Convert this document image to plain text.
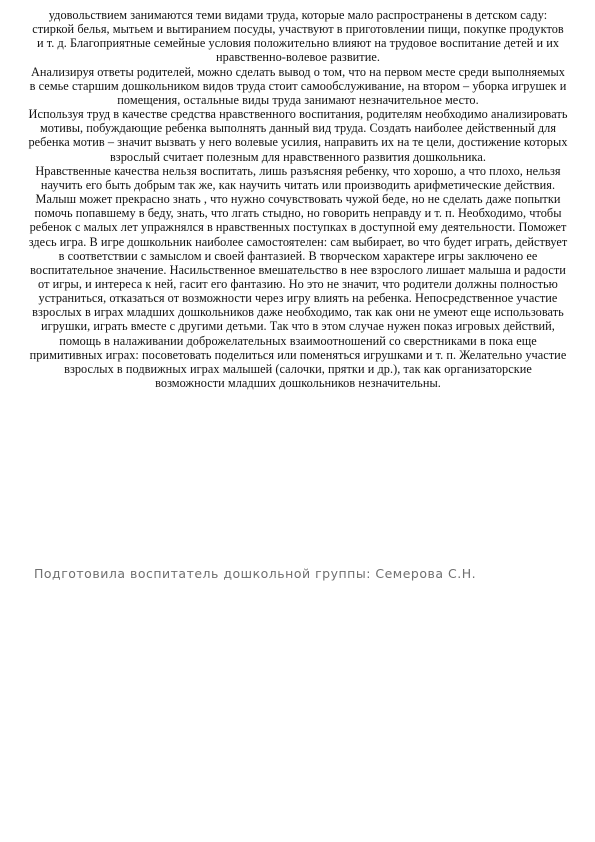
удовольствием занимаются теми видами труда, которые мало распространены в детском саду: стиркой белья, мытьем и вытиранием посуды, участвуют в приготовлении пищи, покупке продуктов и т. д. Благоприятные семейные условия положительно влияют на трудовое воспитание детей и их нравственно-волевое развитие.

Анализируя ответы родителей, можно сделать вывод о том, что на первом месте среди выполняемых в семье старшим дошкольником видов труда стоит самообслуживание, на втором – уборка игрушек и помещения, остальные виды труда занимают незначительное место.

Используя труд в качестве средства нравственного воспитания, родителям необходимо анализировать мотивы, побуждающие ребенка выполнять данный вид труда. Создать наиболее действенный для ребенка мотив – значит вызвать у него волевые усилия, направить их на те цели, достижение которых взрослый считает полезным для нравственного развития дошкольника.

Нравственные качества нельзя воспитать, лишь разъясняя ребенку, что хорошо, а что плохо, нельзя научить его быть добрым так же, как научить читать или производить арифметические действия. Малыш может прекрасно знать , что нужно сочувствовать чужой беде, но не сделать даже попытки помочь попавшему в беду, знать, что лгать стыдно, но говорить неправду и т. п. Необходимо, чтобы ребенок с малых лет упражнялся в нравственных поступках в доступной ему деятельности. Поможет здесь игра. В игре дошкольник наиболее самостоятелен: сам выбирает, во что будет играть, действует в соответствии с замыслом и своей фантазией. В творческом характере игры заключено ее воспитательное значение. Насильственное вмешательство в нее взрослого лишает малыша и радости от игры, и интереса к ней, гасит его фантазию. Но это не значит, что родители должны полностью устраниться, отказаться от возможности через игру влиять на ребенка. Непосредственное участие взрослых в играх младших дошкольников даже необходимо, так как они не умеют еще использовать игрушки, играть вместе с другими детьми. Так что в этом случае нужен показ игровых действий, помощь в налаживании доброжелательных взаимоотношений со сверстниками в пока еще примитивных играх: посоветовать поделиться или поменяться игрушками и т. п. Желательно участие взрослых в подвижных играх малышей (салочки, прятки и др.), так как организаторские возможности младших дошкольников незначительны.

Подготовила воспитатель дошкольной группы: Семерова С.Н.
